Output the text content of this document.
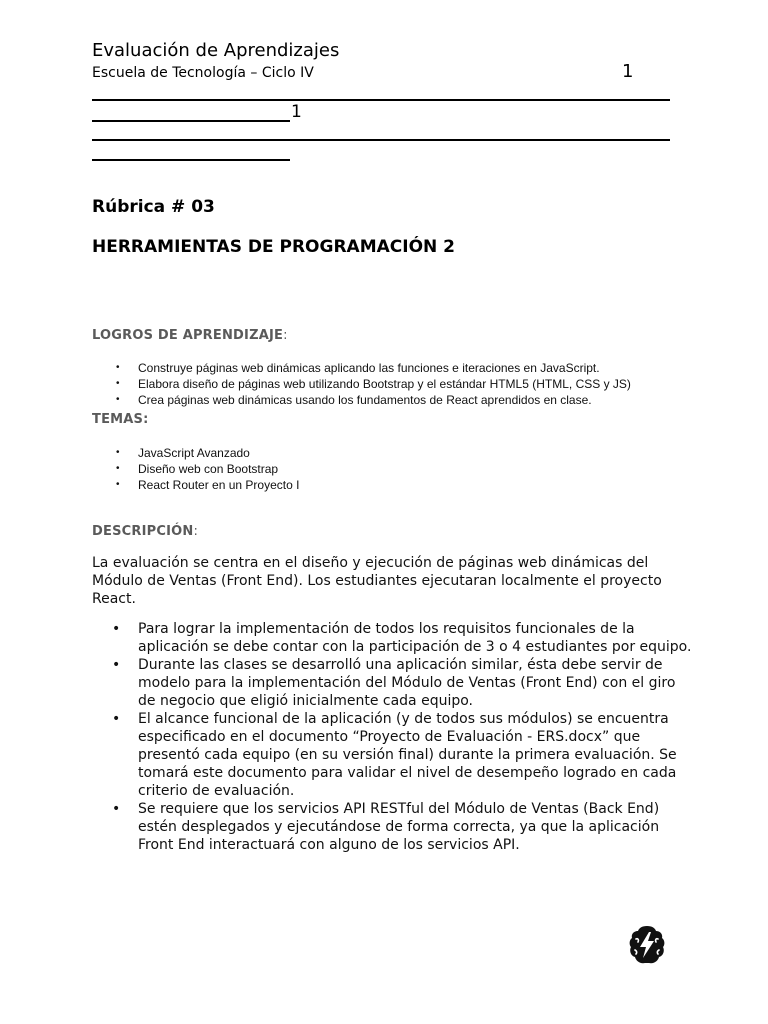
Evaluación de Aprendizajes
Escuela de Tecnología – Ciclo IV	1
1
Rúbrica # 03
HERRAMIENTAS DE PROGRAMACIÓN 2
LOGROS DE APRENDIZAJE:
• Construye páginas web dinámicas aplicando las funciones e iteraciones en JavaScript.
• Elabora diseño de páginas web utilizando Bootstrap y el estándar HTML5 (HTML, CSS y JS)
• Crea páginas web dinámicas usando los fundamentos de React aprendidos en clase.
TEMAS:
• JavaScript Avanzado
• Diseño web con Bootstrap
• React Router en un Proyecto I
DESCRIPCIÓN:

La evaluación se centra en el diseño y ejecución de páginas web dinámicas del Módulo de Ventas (Front End). Los estudiantes ejecutaran localmente el proyecto React.

• Para lograr la implementación de todos los requisitos funcionales de la aplicación se debe contar con la participación de 3 o 4 estudiantes por equipo.
• Durante las clases se desarrolló una aplicación similar, ésta debe servir de modelo para la implementación del Módulo de Ventas (Front End) con el giro de negocio que eligió inicialmente cada equipo.
• El alcance funcional de la aplicación (y de todos sus módulos) se encuentra especificado en el documento “Proyecto de Evaluación - ERS.docx” que presentó cada equipo (en su versión final) durante la primera evaluación. Se tomará este documento para validar el nivel de desempeño logrado en cada criterio de evaluación.
• Se requiere que los servicios API RESTful del Módulo de Ventas (Back End) estén desplegados y ejecutándose de forma correcta, ya que la aplicación Front End interactuará con alguno de los servicios API.
